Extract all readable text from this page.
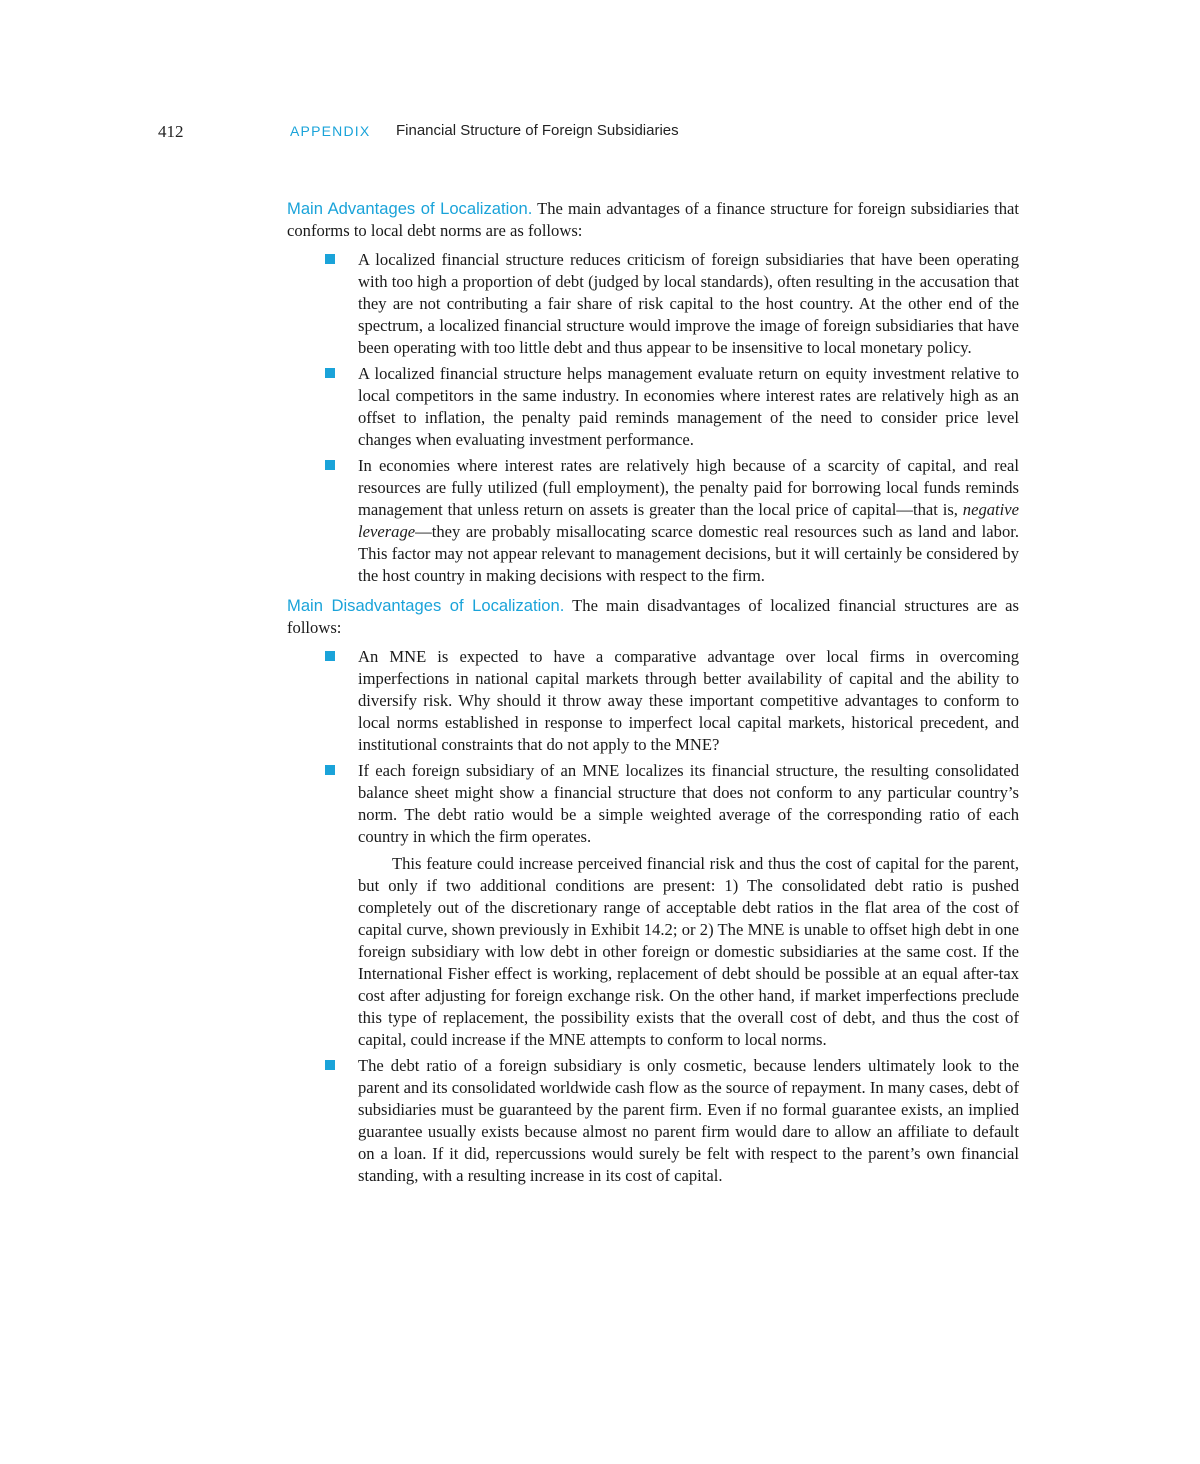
412	APPENDIX Financial Structure of Foreign Subsidiaries

Main Advantages of Localization. The main advantages of a finance structure for foreign subsidiaries that conforms to local debt norms are as follows:

A localized financial structure reduces criticism of foreign subsidiaries that have been operating with too high a proportion of debt (judged by local standards), often resulting in the accusation that they are not contributing a fair share of risk capital to the host country. At the other end of the spectrum, a localized financial structure would improve the image of foreign subsidiaries that have been operating with too little debt and thus appear to be insensitive to local monetary policy.

A localized financial structure helps management evaluate return on equity investment relative to local competitors in the same industry. In economies where interest rates are relatively high as an offset to inflation, the penalty paid reminds management of the need to consider price level changes when evaluating investment performance.

In economies where interest rates are relatively high because of a scarcity of capital, and real resources are fully utilized (full employment), the penalty paid for borrowing local funds reminds management that unless return on assets is greater than the local price of capital—that is, negative leverage—they are probably misallocating scarce domestic real resources such as land and labor. This factor may not appear relevant to management decisions, but it will certainly be considered by the host country in making decisions with respect to the firm.

Main Disadvantages of Localization. The main disadvantages of localized financial structures are as follows:

An MNE is expected to have a comparative advantage over local firms in overcoming imperfections in national capital markets through better availability of capital and the ability to diversify risk. Why should it throw away these important competitive advantages to conform to local norms established in response to imperfect local capital markets, historical precedent, and institutional constraints that do not apply to the MNE?

If each foreign subsidiary of an MNE localizes its financial structure, the resulting consolidated balance sheet might show a financial structure that does not conform to any particular country’s norm. The debt ratio would be a simple weighted average of the corresponding ratio of each country in which the firm operates.

This feature could increase perceived financial risk and thus the cost of capital for the parent, but only if two additional conditions are present: 1) The consolidated debt ratio is pushed completely out of the discretionary range of acceptable debt ratios in the flat area of the cost of capital curve, shown previously in Exhibit 14.2; or 2) The MNE is unable to offset high debt in one foreign subsidiary with low debt in other foreign or domestic subsidiaries at the same cost. If the International Fisher effect is working, replacement of debt should be possible at an equal after-tax cost after adjusting for foreign exchange risk. On the other hand, if market imperfections preclude this type of replacement, the possibility exists that the overall cost of debt, and thus the cost of capital, could increase if the MNE attempts to conform to local norms.

The debt ratio of a foreign subsidiary is only cosmetic, because lenders ultimately look to the parent and its consolidated worldwide cash flow as the source of repayment. In many cases, debt of subsidiaries must be guaranteed by the parent firm. Even if no formal guarantee exists, an implied guarantee usually exists because almost no parent firm would dare to allow an affiliate to default on a loan. If it did, repercussions would surely be felt with respect to the parent’s own financial standing, with a resulting increase in its cost of capital.
